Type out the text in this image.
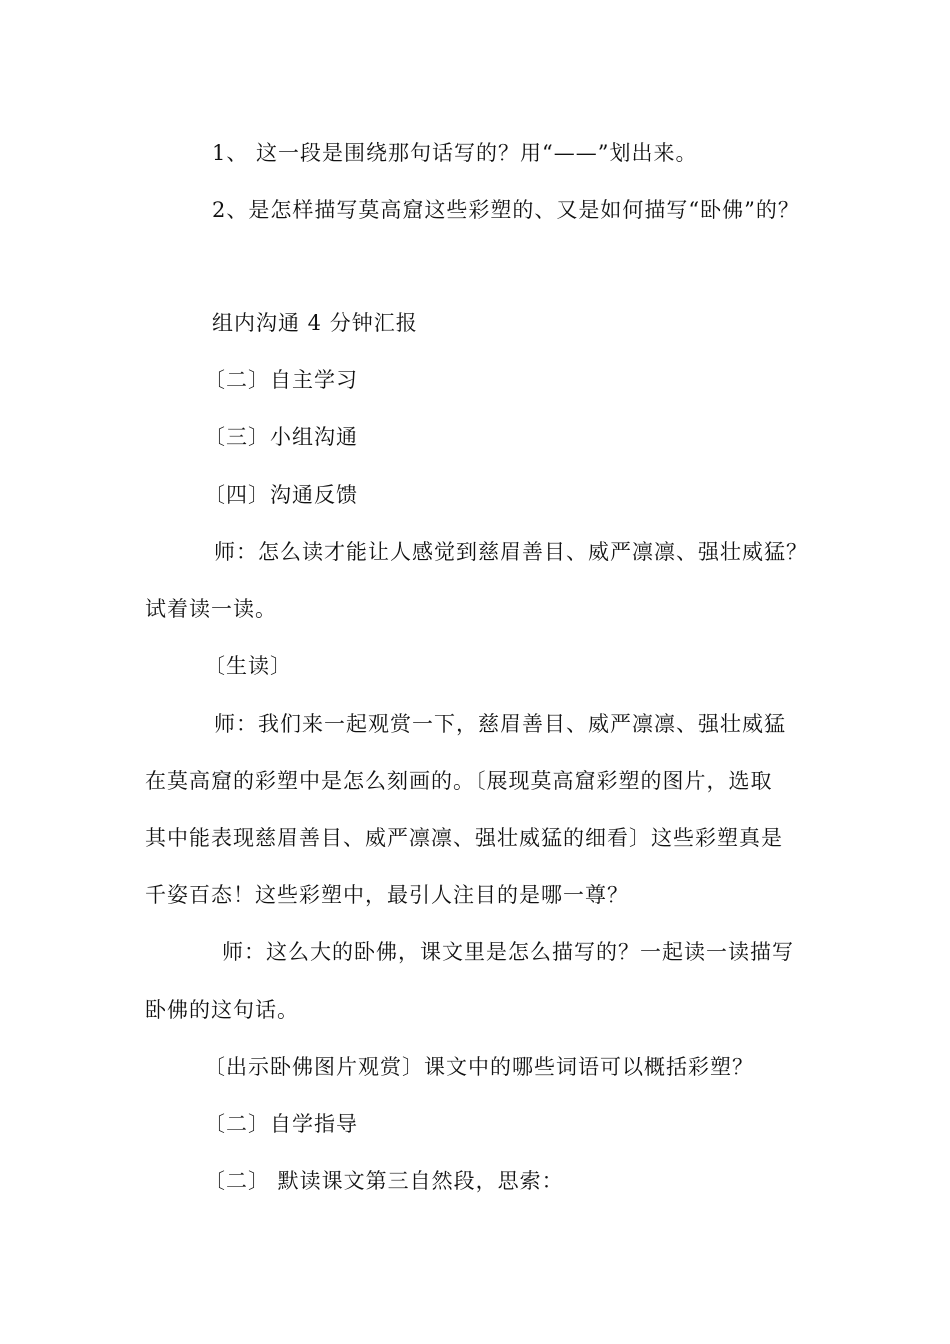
1、 这一段是围绕那句话写的？用“——”划出来。
2、是怎样描写莫高窟这些彩塑的、又是如何描写“卧佛”的？
组内沟通 4 分钟汇报
〔二〕自主学习
〔三〕小组沟通
〔四〕沟通反馈
师：怎么读才能让人感觉到慈眉善目、威严凛凛、强壮威猛？
试着读一读。
〔生读〕
师：我们来一起观赏一下，慈眉善目、威严凛凛、强壮威猛
在莫高窟的彩塑中是怎么刻画的。〔展现莫高窟彩塑的图片，选取
其中能表现慈眉善目、威严凛凛、强壮威猛的细看〕这些彩塑真是
千姿百态！这些彩塑中，最引人注目的是哪一尊？
师：这么大的卧佛，课文里是怎么描写的？一起读一读描写
卧佛的这句话。
〔出示卧佛图片观赏〕课文中的哪些词语可以概括彩塑？
〔二〕自学指导
〔二〕 默读课文第三自然段，思索：
